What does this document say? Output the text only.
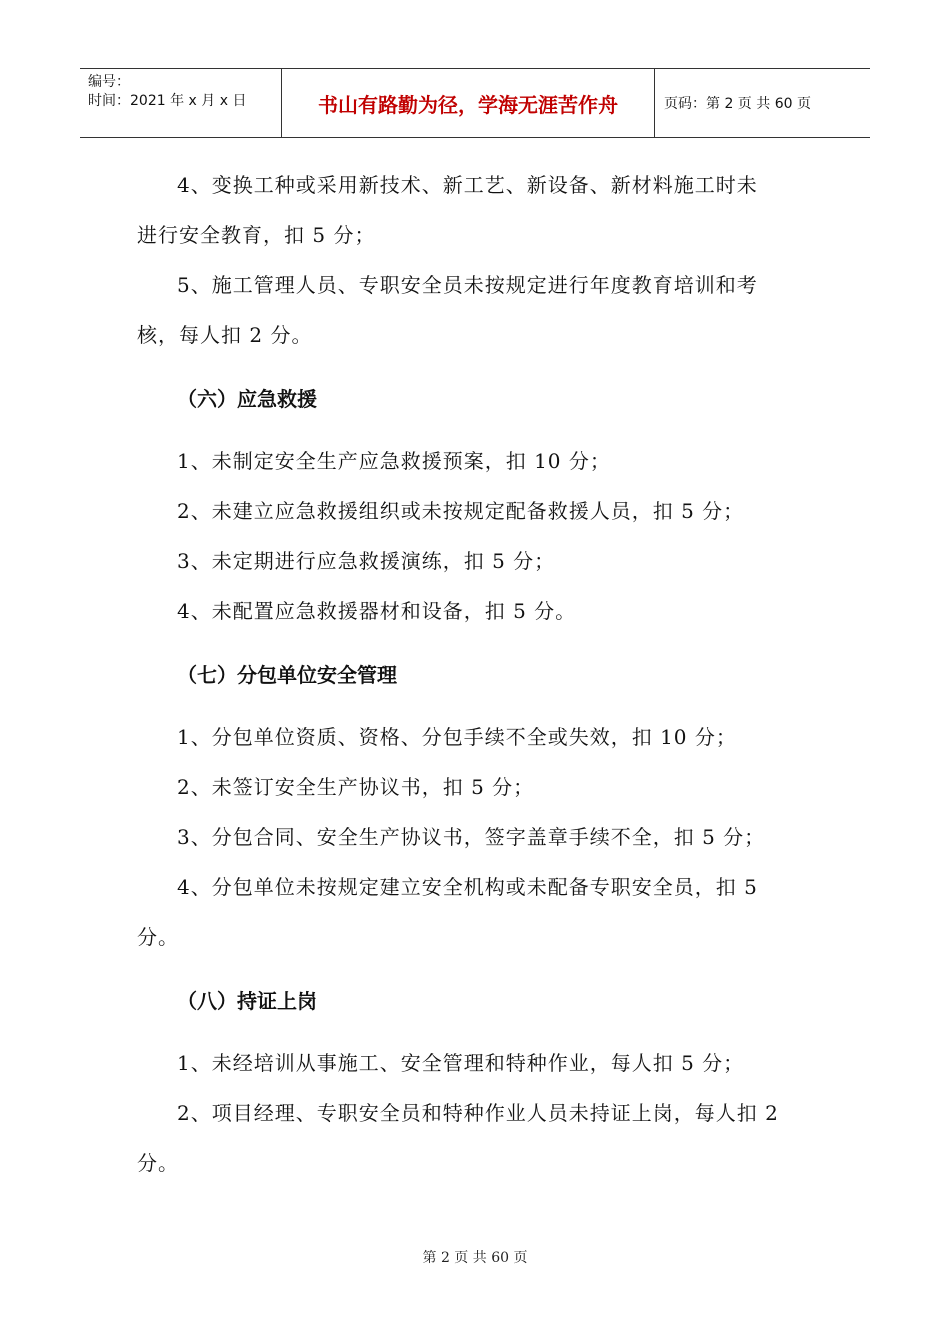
编号：
时间：2021 年 x 月 x 日	书山有路勤为径，学海无涯苦作舟	页码：第 2 页 共 60 页

4、变换工种或采用新技术、新工艺、新设备、新材料施工时未

进行安全教育，扣 5 分；

5、施工管理人员、专职安全员未按规定进行年度教育培训和考

核，每人扣 2 分。

（六）应急救援

1、未制定安全生产应急救援预案，扣 10 分；

2、未建立应急救援组织或未按规定配备救援人员，扣 5 分；

3、未定期进行应急救援演练，扣 5 分；

4、未配置应急救援器材和设备，扣 5 分。

（七）分包单位安全管理

1、分包单位资质、资格、分包手续不全或失效，扣 10 分；

2、未签订安全生产协议书，扣 5 分；

3、分包合同、安全生产协议书，签字盖章手续不全，扣 5 分；

4、分包单位未按规定建立安全机构或未配备专职安全员，扣 5

分。

（八）持证上岗

1、未经培训从事施工、安全管理和特种作业，每人扣 5 分；

2、项目经理、专职安全员和特种作业人员未持证上岗，每人扣 2

分。

第 2 页 共 60 页
